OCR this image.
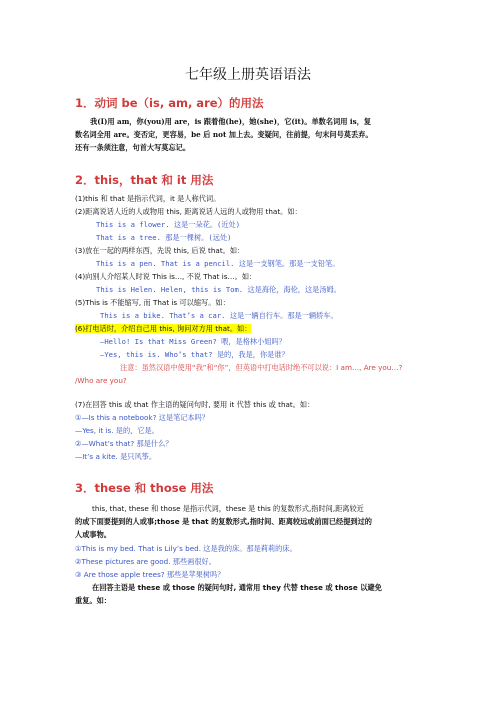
七年级上册英语语法
1．动词 be（is, am, are）的用法
我(I)用 am，你(you)用 are，is 跟着他(he)，她(she)，它(it)。单数名词用 is，复
数名词全用 are。变否定，更容易，be 后 not 加上去。变疑问，往前提，句末问号莫丢弃。
还有一条须注意，句首大写莫忘记。
2．this，that 和 it 用法
(1)this 和 that 是指示代词，it 是人称代词。
(2)距离说话人近的人或物用 this, 距离说话人远的人或物用 that。如：
This is a flower. 这是一朵花。(近处)
That is a tree. 那是一棵树。(远处)
(3)放在一起的两样东西，先说 this, 后说 that。如：
This is a pen. That is a pencil. 这是一支钢笔。那是一支铅笔。
(4)向别人介绍某人时说 This is…, 不说 That is…。如：
This is Helen. Helen, this is Tom. 这是海伦，海伦，这是汤姆。
(5)This is 不能缩写, 而 That is 可以缩写。如：
This is a bike. That’s a car. 这是一辆自行车。那是一辆轿车。
(6)打电话时，介绍自己用 this, 询问对方用 that。如：
—Hello! Is that Miss Green? 喂，是格林小姐吗？
—Yes, this is. Who’s that? 是的，我是，你是谁？
注意：虽然汉语中使用“我”和“你”，但英语中打电话时绝不可以说：I am…, Are you…?
/Who are you?
(7)在回答 this 或 that 作主语的疑问句时, 要用 it 代替 this 或 that。如：
①—Is this a notebook? 这是笔记本吗？
—Yes, it is. 是的，它是。
②—What’s that? 那是什么？
—It’s a kite. 是只风筝。
3．these 和 those 用法
this, that, these 和 those 是指示代词，these 是 this 的复数形式,指时间,距离较近
的或下面要提到的人或事;those 是 that 的复数形式,指时间、距离较远或前面已经提到过的
人或事物。
①This is my bed. That is Lily’s bed. 这是我的床。那是莉莉的床。
②These pictures are good. 那些画很好。
③ Are those apple trees? 那些是苹果树吗？
在回答主语是 these 或 those 的疑问句时, 通常用 they 代替 these 或 those 以避免
重复。如：
